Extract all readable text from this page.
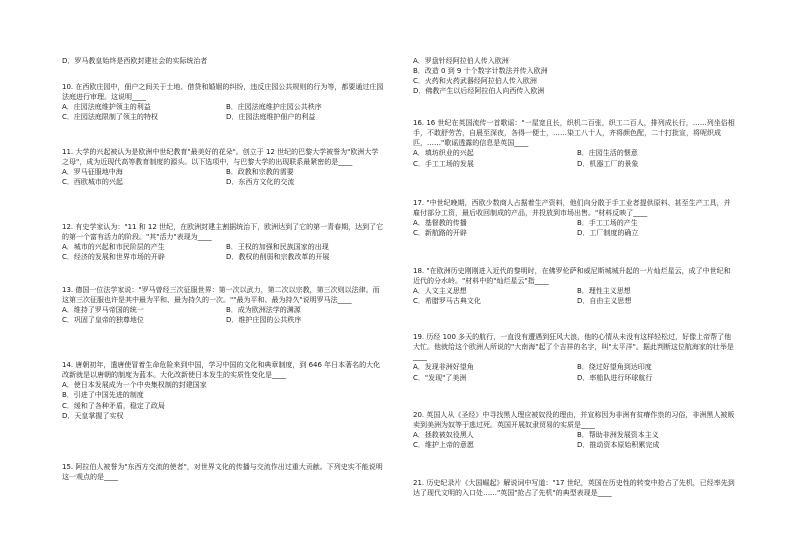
D．罗马教皇始终是西欧封建社会的实际统治者

10. 在西欧庄园中，佃户之间关于土地、借贷和婚姻的纠纷，违反庄园公共规则的行为等，都要通过庄园法庭进行审理。这说明____

A．庄园法庭维护领主的利益	B．庄园法庭维护庄园公共秩序
C．庄园法庭限制了领主的特权	D．庄园法庭维护佃户的利益

11. 大学的兴起被认为是欧洲中世纪教育"最美好的花朵"。创立于 12 世纪的巴黎大学被誉为"欧洲大学之母"，成为近现代高等教育制度的源头。以下选项中，与巴黎大学的出现联系最紧密的是____

A．罗马征服地中海	B．政教和宗教的需要
C．西欧城市的兴起	D．东西方文化的交流

12. 有史学家认为："11 和 12 世纪，在欧洲封建主割据统治下，欧洲达到了它的第一青春期，达到了它的第一个富有活力的阶段。"其"活力"表现为____

A．城市的兴起和市民阶层的产生	B．王权的加强和民族国家的出现
C．经济的发展和世界市场的开辟	D．教权的削弱和宗教改革的开展

13. 德国一位法学家说："罗马曾经三次征服世界：第一次以武力，第二次以宗教，第三次则以法律。而这第三次征服也许是其中最为平和、最为持久的一次。""最为平和、最为持久"说明罗马法____

A．维持了罗马帝国的统一	B．成为欧洲法学的渊源
C．巩固了皇帝的独尊地位	D．维护庄园的公共秩序

14. 唐朝初年，遣唐使冒着生命危险来到中国，学习中国的文化和典章制度，到 646 年日本著名的大化改新就是以唐朝的制度为蓝本。大化改新使日本发生的实质性变化是____

A．使日本发展成为一个中央集权制的封建国家
B．引进了中国先进的制度
C．缓和了各种矛盾，稳定了政局
D．天皇掌握了实权

15. 阿拉伯人被誉为"东西方交流的使者"，对世界文化的传播与交流作出过重大贡献。下列史实不能说明这一观点的是____

A．罗盘针经阿拉伯人传入欧洲
B．改造 0 到 9 十个数字计数法并传入欧洲
C．火药和火药武器经阿拉伯人传入欧洲
D．佛教产生以后经阿拉伯人向西传入欧洲

16. 16 世纪在英国流传一首歌谣："一屋宽且长，织机二百张，织工二百人，排列成长行，……列坐俗相手，不敢舒劳苦，自晨至深夜，各得一便士，……染工八十人，齐将颜色配，二十打批宣，将呢织成匹，……"歌谣透露的信息是英国____

A．填坊织业的兴起	B．庄园生活的惬意
C．手工工场的发展	D．机器工厂的景象

17. "中世纪晚期，西欧少数商人占据着生产资料，他们向分散于手工业者提供原料、甚至生产工具，并雇付部分工资，最后收回制成的产品，并投放到市场出售。"材料反映了____

A．基督教的传播	B．手工工场的产生
C．新航路的开辟	D．工厂制度的确立

18. "在欧洲历史刚刚进入近代的黎明时，在佛罗伦萨和威尼斯城城升起的一片灿烂星云，成了中世纪和近代的分水岭。"材料中的"灿烂星云"指____

A．人文主义思想	B．理性主义思想
C．希腊罗马古典文化	D．自由主义思想

19. 历经 100 多天的航行，一直没有遭遇到狂风大浪，他的心情从未没有这样轻松过，好像上帝帮了他大忙。他就给这个欧洲人所说的"大南海"起了个吉祥的名字，叫"太平洋"。据此判断这位航海家的壮举是____

A．发现非洲好望角	B．绕过好望角到达印度
C．"发现"了美洲	D．率船队进行环球航行

20. 英国人从《圣经》中寻找黑人理应被奴役的理由，并宣称因为非洲有贫瘠作祟的习俗，非洲黑人被贩卖到美洲为奴等于逃过死。英国开展奴隶贸易的实质是____

A．拯救被奴役黑人	B．帮助非洲发展资本主义
C．维护上帝的意愿	D．推动资本原始积累完成

21. 历史纪录片《大国崛起》解说词中写道："17 世纪，英国在历史性的转变中抢占了先机，已经率先到达了现代文明的入口处……"英国"抢占了先机"的典型表现是____
